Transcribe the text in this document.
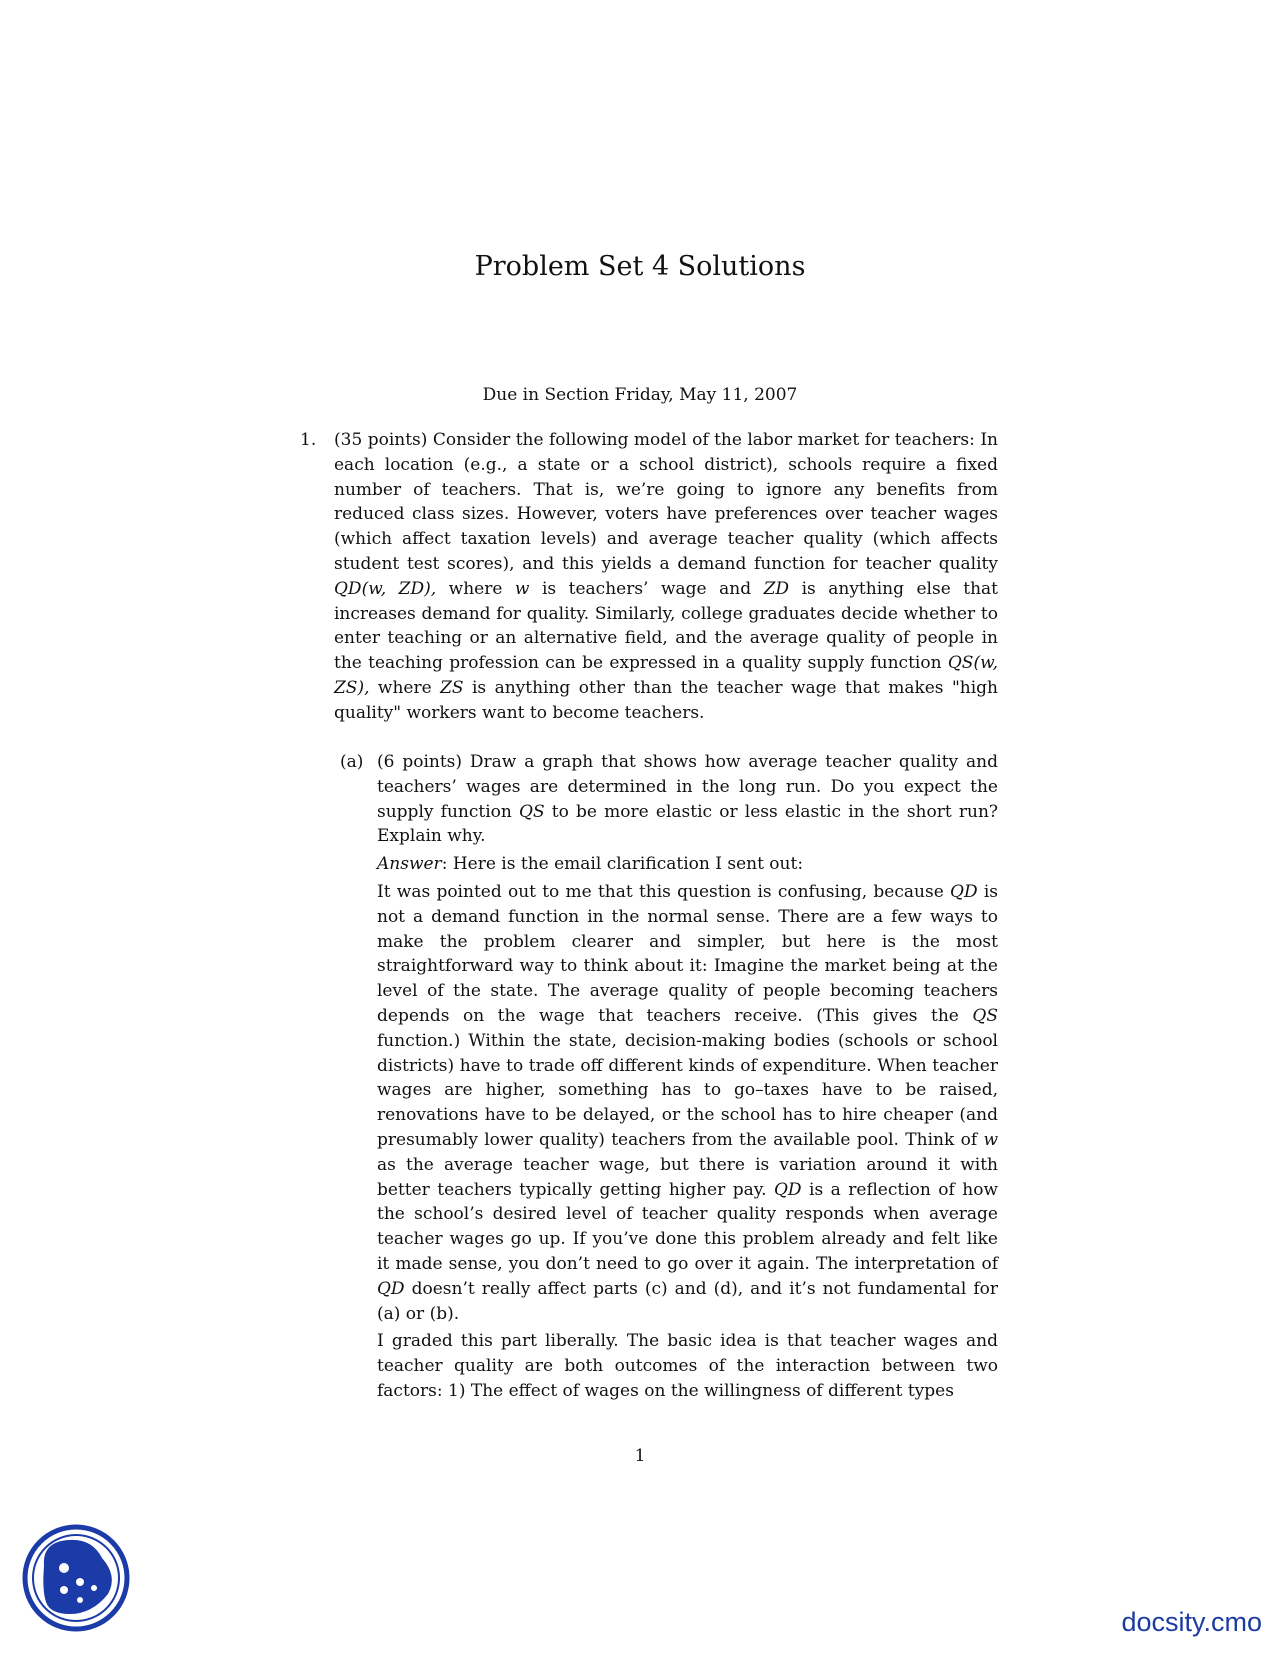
Problem Set 4 Solutions
Due in Section Friday, May 11, 2007
1. (35 points) Consider the following model of the labor market for teachers: In each location (e.g., a state or a school district), schools require a fixed number of teachers. That is, we’re going to ignore any benefits from reduced class sizes. However, voters have preferences over teacher wages (which affect taxation levels) and average teacher quality (which affects student test scores), and this yields a demand function for teacher quality QD(w, ZD), where w is teachers’ wage and ZD is anything else that increases demand for quality. Similarly, college graduates decide whether to enter teaching or an alternative field, and the average quality of people in the teaching profession can be expressed in a quality supply function QS(w, ZS), where ZS is anything other than the teacher wage that makes "high quality" workers want to become teachers.
(a) (6 points) Draw a graph that shows how average teacher quality and teachers’ wages are determined in the long run. Do you expect the supply function QS to be more elastic or less elastic in the short run? Explain why.

Answer: Here is the email clarification I sent out:

It was pointed out to me that this question is confusing, because QD is not a demand function in the normal sense. There are a few ways to make the problem clearer and simpler, but here is the most straightforward way to think about it: Imagine the market being at the level of the state. The average quality of people becoming teachers depends on the wage that teachers receive. (This gives the QS function.) Within the state, decision-making bodies (schools or school districts) have to trade off different kinds of expenditure. When teacher wages are higher, something has to go–taxes have to be raised, renovations have to be delayed, or the school has to hire cheaper (and presumably lower quality) teachers from the available pool. Think of w as the average teacher wage, but there is variation around it with better teachers typically getting higher pay. QD is a reflection of how the school’s desired level of teacher quality responds when average teacher wages go up. If you’ve done this problem already and felt like it made sense, you don’t need to go over it again. The interpretation of QD doesn’t really affect parts (c) and (d), and it’s not fundamental for (a) or (b).

I graded this part liberally. The basic idea is that teacher wages and teacher quality are both outcomes of the interaction between two factors: 1) The effect of wages on the willingness of different types

1
docsity.cmo
